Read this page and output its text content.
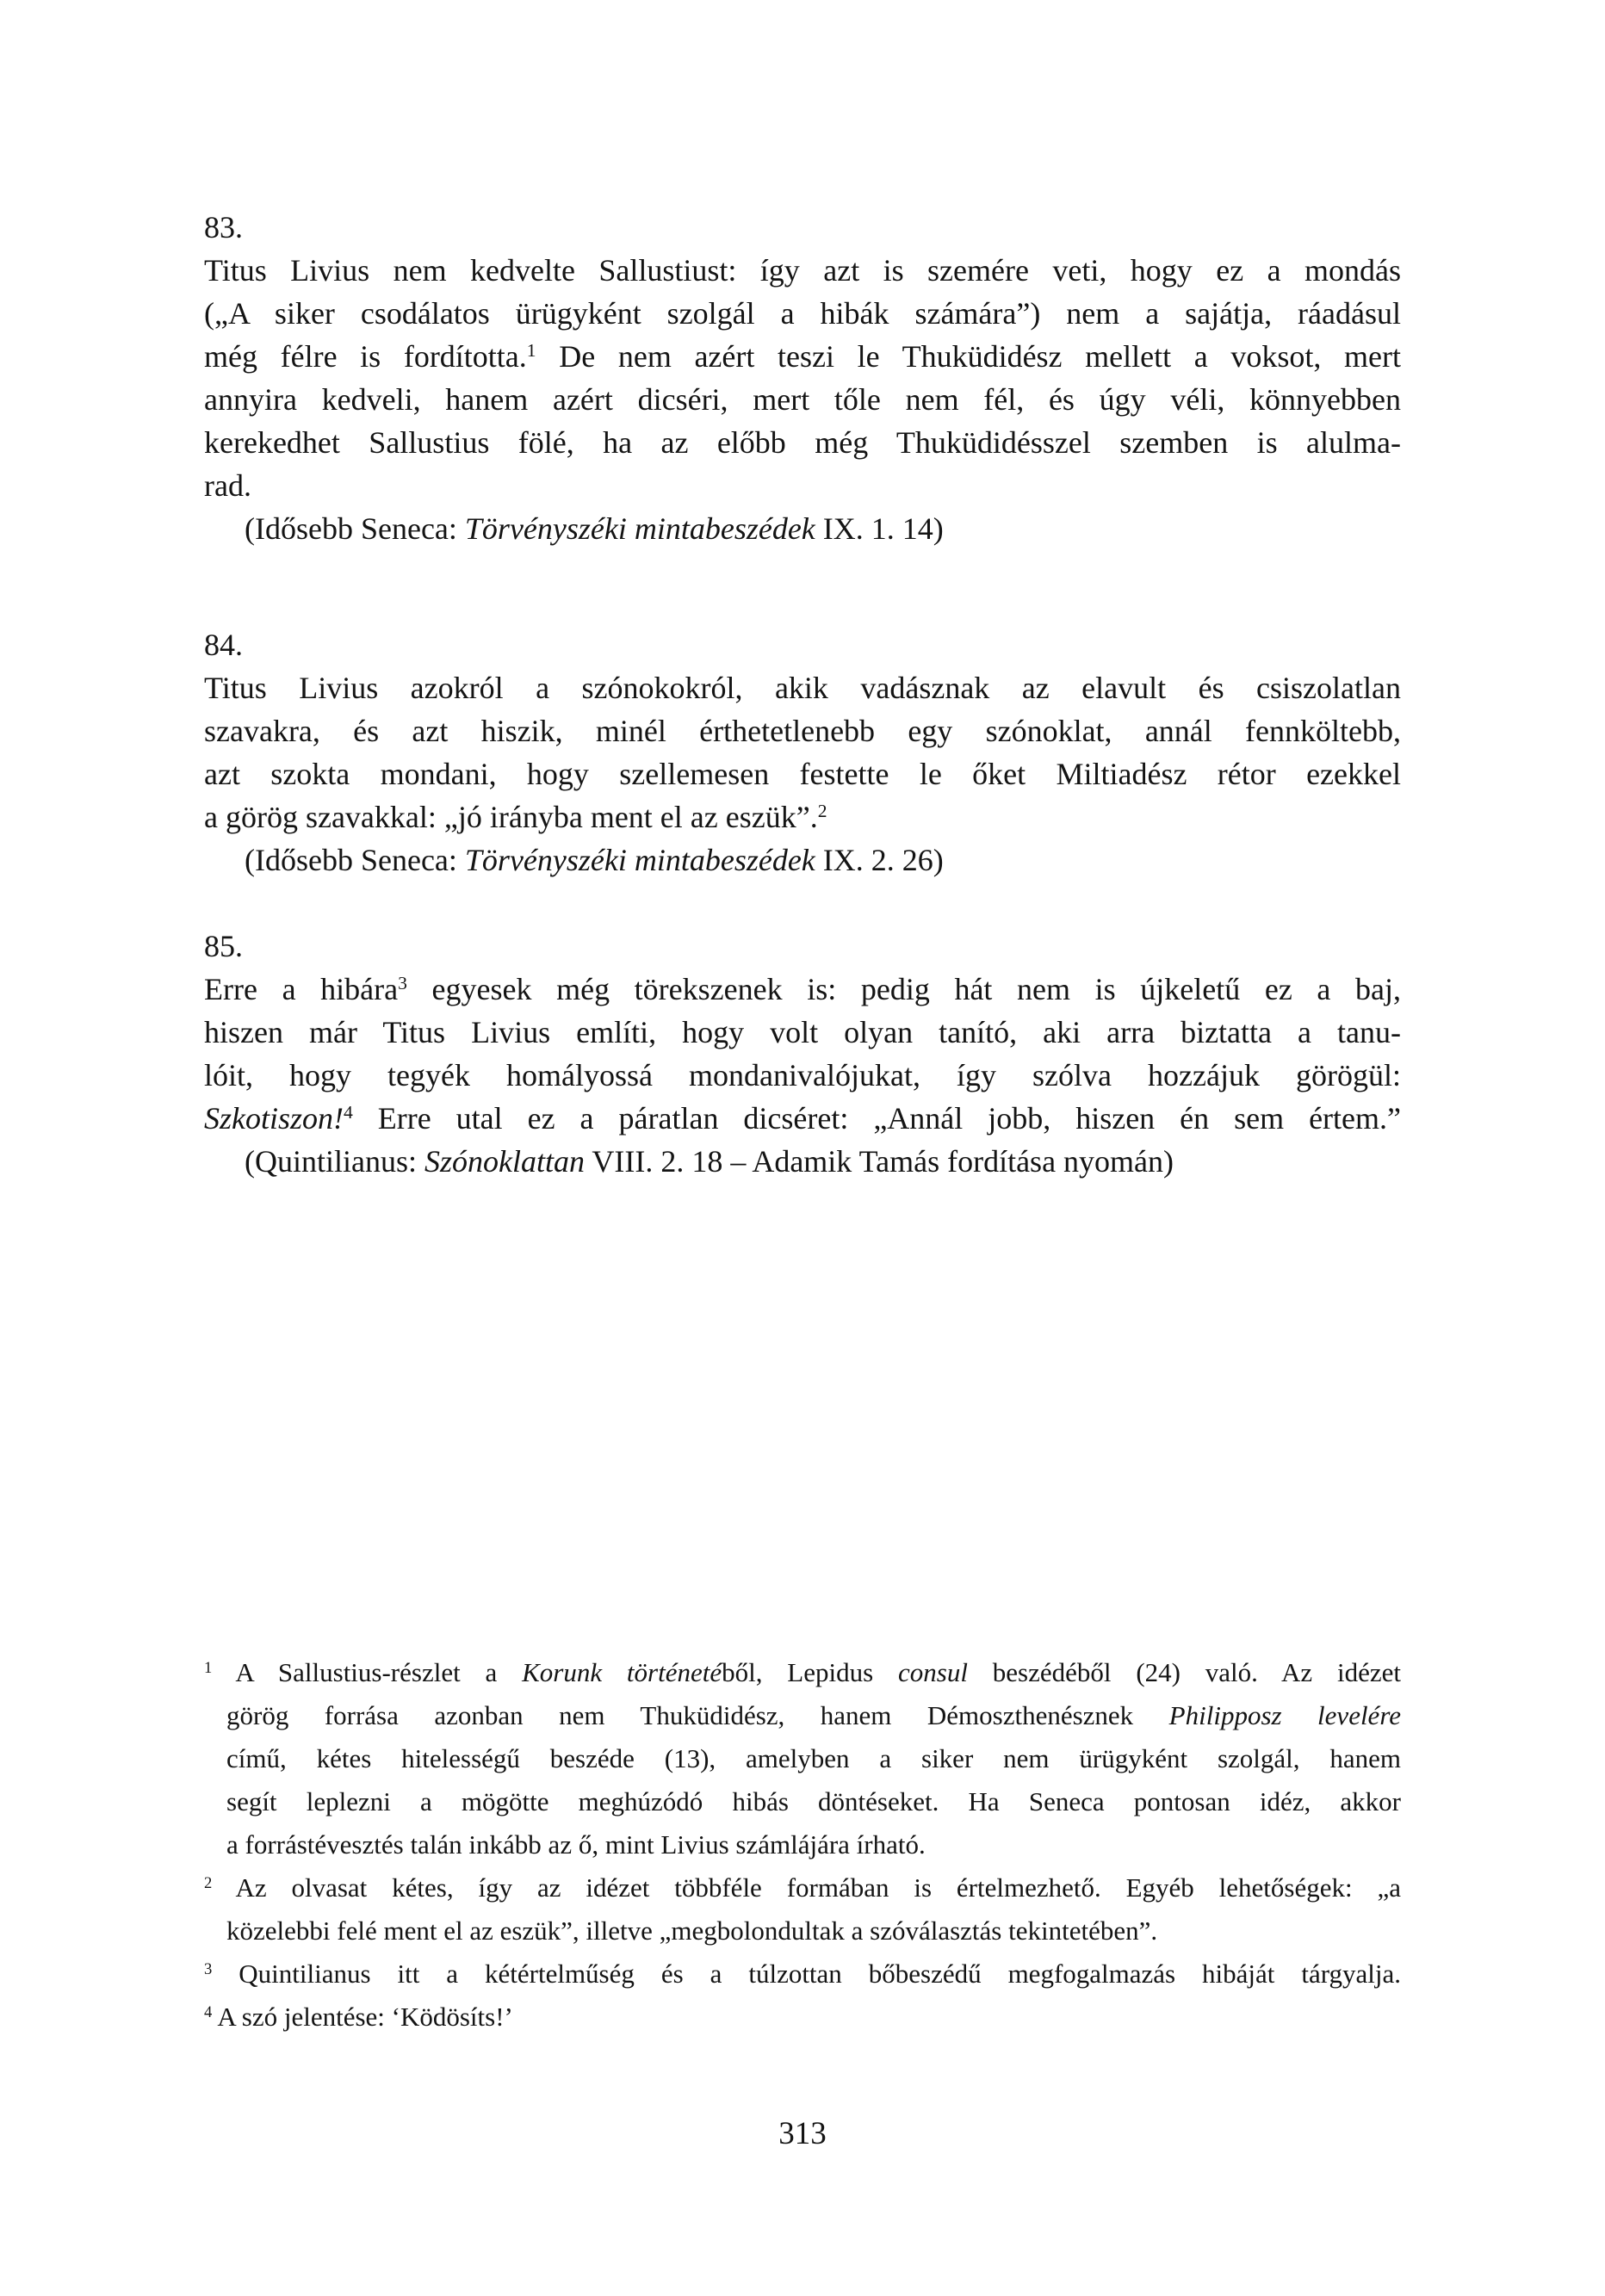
83.
Titus Livius nem kedvelte Sallustiust: így azt is szemére veti, hogy ez a mondás
(„A siker csodálatos ürügyként szolgál a hibák számára”) nem a sajátja, ráadásul
még félre is fordította.$^1$ De nem azért teszi le Thuküdidész mellett a voksot, mert
annyira kedveli, hanem azért dicséri, mert tőle nem fél, és úgy véli, könnyebben
kerekedhet Sallustius fölé, ha az előbb még Thuküdidésszel szemben is alulma-
rad.
(Idősebb Seneca: Törvényszéki mintabeszédek IX. 1. 14)
84.
Titus Livius azokról a szónokokról, akik vadásznak az elavult és csiszolatlan
szavakra, és azt hiszik, minél érthetetlenebb egy szónoklat, annál fennköltebb,
azt szokta mondani, hogy szellemesen festette le őket Miltiadész rétor ezekkel
a görög szavakkal: „jó irányba ment el az eszük”.$^2$
(Idősebb Seneca: Törvényszéki mintabeszédek IX. 2. 26)
85.
Erre a hibára$^3$ egyesek még törekszenek is: pedig hát nem is újkeletű ez a baj,
hiszen már Titus Livius említi, hogy volt olyan tanító, aki arra biztatta a tanu-
lóit, hogy tegyék homályossá mondanivalójukat, így szólva hozzájuk görögül:
Szkotiszon!$^4$ Erre utal ez a páratlan dicséret: „Annál jobb, hiszen én sem értem.”
(Quintilianus: Szónoklattan VIII. 2. 18 – Adamik Tamás fordítása nyomán)
$^1$ A Sallustius-részlet a Korunk történetéből, Lepidus consul beszédéből (24) való. Az idézet
görög forrása azonban nem Thuküdidész, hanem Démoszthenésznek Philipposz levelére
című, kétes hitelességű beszéde (13), amelyben a siker nem ürügyként szolgál, hanem
segít leplezni a mögötte meghúzódó hibás döntéseket. Ha Seneca pontosan idéz, akkor
a forrástévesztés talán inkább az ő, mint Livius számlájára írható.
$^2$ Az olvasat kétes, így az idézet többféle formában is értelmezhető. Egyéb lehetőségek: „a
közelebbi felé ment el az eszük”, illetve „megbolondultak a szóválasztás tekintetében”.
$^3$ Quintilianus itt a kétértelműség és a túlzottan bőbeszédű megfogalmazás hibáját tárgyalja.
$^4$ A szó jelentése: ‘Ködösíts!’
313
